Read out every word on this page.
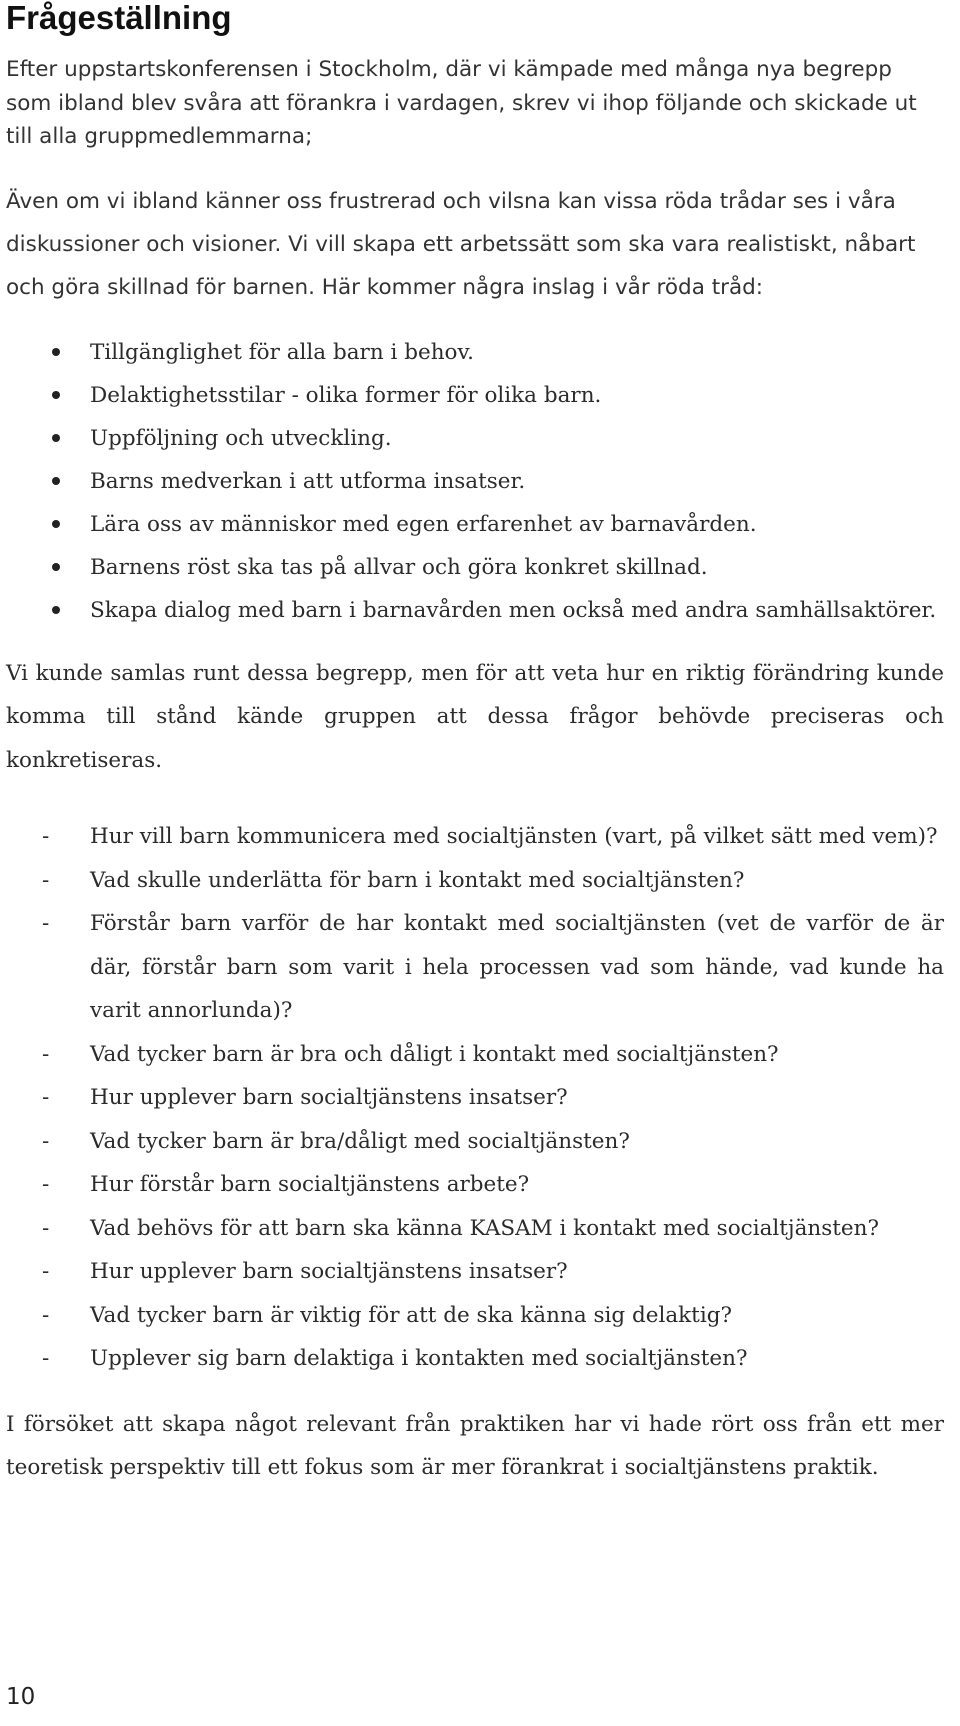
Frågeställning

Efter uppstartskonferensen i Stockholm, där vi kämpade med många nya begrepp som ibland blev svåra att förankra i vardagen, skrev vi ihop följande och skickade ut till alla gruppmedlemmarna;

Även om vi ibland känner oss frustrerad och vilsna kan vissa röda trådar ses i våra diskussioner och visioner. Vi vill skapa ett arbetssätt som ska vara realistiskt, nåbart och göra skillnad för barnen. Här kommer några inslag i vår röda tråd:

Tillgänglighet för alla barn i behov.
Delaktighetsstilar - olika former för olika barn.
Uppföljning och utveckling.
Barns medverkan i att utforma insatser.
Lära oss av människor med egen erfarenhet av barnavården.
Barnens röst ska tas på allvar och göra konkret skillnad.
Skapa dialog med barn i barnavården men också med andra samhällsaktörer.

Vi kunde samlas runt dessa begrepp, men för att veta hur en riktig förändring kunde komma till stånd kände gruppen att dessa frågor behövde preciseras och konkretiseras.

- Hur vill barn kommunicera med socialtjänsten (vart, på vilket sätt med vem)?
- Vad skulle underlätta för barn i kontakt med socialtjänsten?
- Förstår barn varför de har kontakt med socialtjänsten (vet de varför de är där, förstår barn som varit i hela processen vad som hände, vad kunde ha varit annorlunda)?
- Vad tycker barn är bra och dåligt i kontakt med socialtjänsten?
- Hur upplever barn socialtjänstens insatser?
- Vad tycker barn är bra/dåligt med socialtjänsten?
- Hur förstår barn socialtjänstens arbete?
- Vad behövs för att barn ska känna KASAM i kontakt med socialtjänsten?
- Hur upplever barn socialtjänstens insatser?
- Vad tycker barn är viktig för att de ska känna sig delaktig?
- Upplever sig barn delaktiga i kontakten med socialtjänsten?

I försöket att skapa något relevant från praktiken har vi hade rört oss från ett mer teoretisk perspektiv till ett fokus som är mer förankrat i socialtjänstens praktik.

10
